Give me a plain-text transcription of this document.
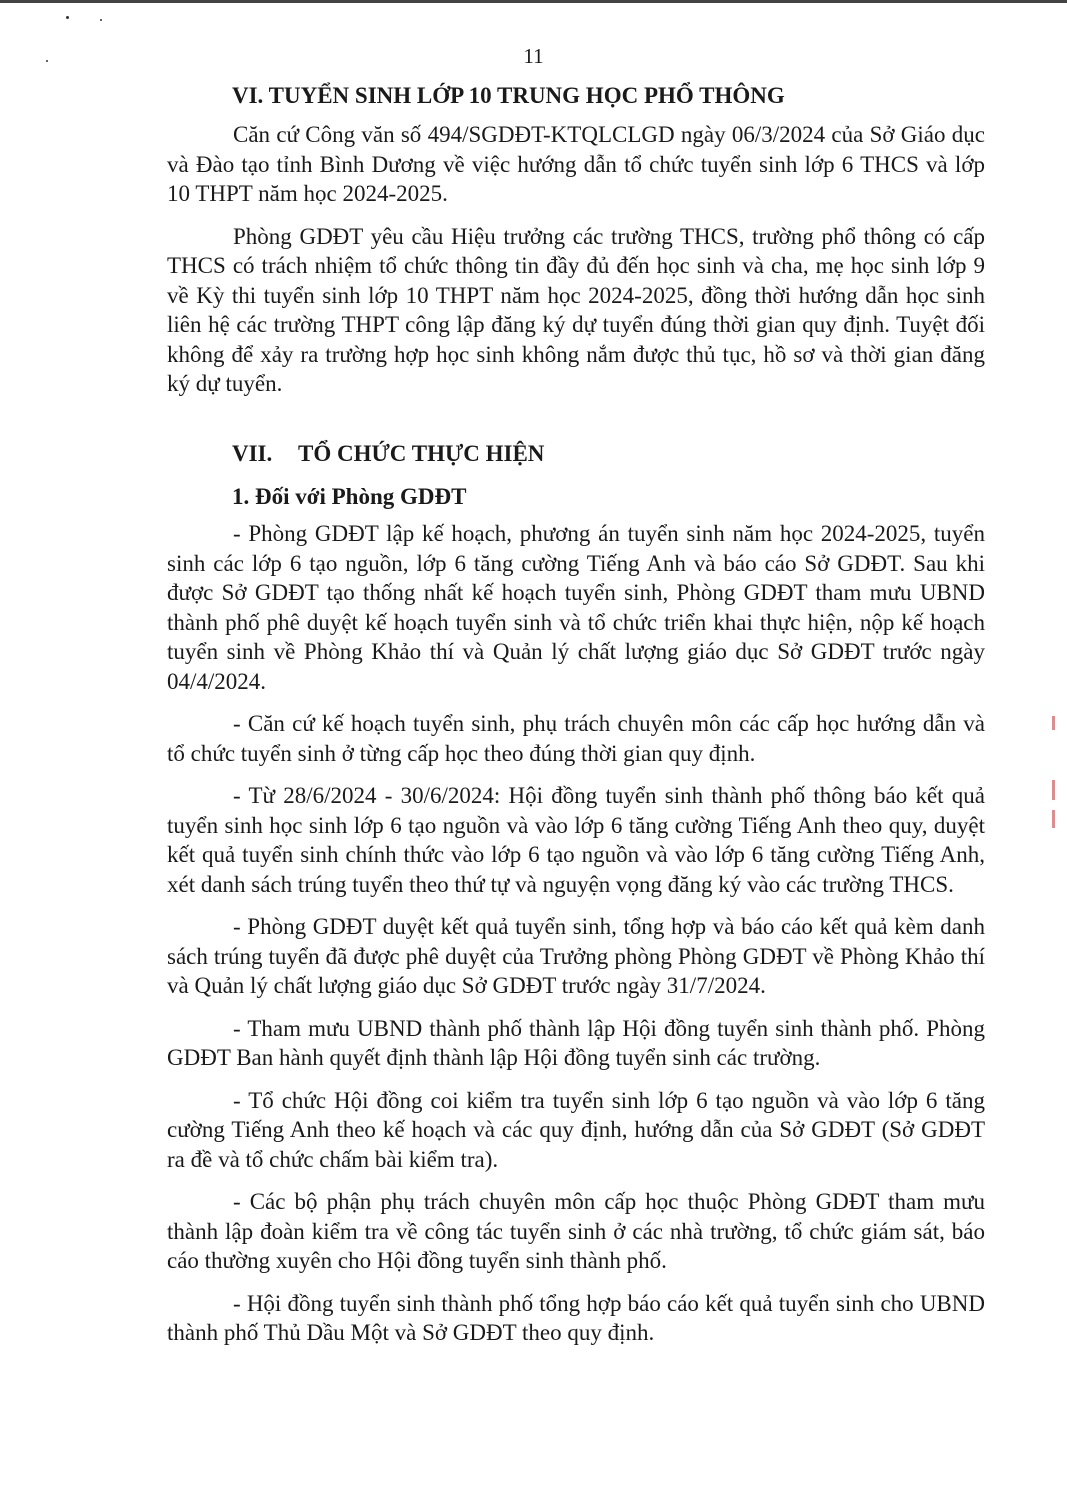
11
VI. TUYỂN SINH LỚP 10 TRUNG HỌC PHỔ THÔNG

Căn cứ Công văn số 494/SGDĐT-KTQLCLGD ngày 06/3/2024 của Sở Giáo dục và Đào tạo tỉnh Bình Dương về việc hướng dẫn tổ chức tuyển sinh lớp 6 THCS và lớp 10 THPT năm học 2024-2025.

Phòng GDĐT yêu cầu Hiệu trưởng các trường THCS, trường phổ thông có cấp THCS có trách nhiệm tổ chức thông tin đầy đủ đến học sinh và cha, mẹ học sinh lớp 9 về Kỳ thi tuyển sinh lớp 10 THPT năm học 2024-2025, đồng thời hướng dẫn học sinh liên hệ các trường THPT công lập đăng ký dự tuyển đúng thời gian quy định. Tuyệt đối không để xảy ra trường hợp học sinh không nắm được thủ tục, hồ sơ và thời gian đăng ký dự tuyển.

VII. TỔ CHỨC THỰC HIỆN
1. Đối với Phòng GDĐT

- Phòng GDĐT lập kế hoạch, phương án tuyển sinh năm học 2024-2025, tuyển sinh các lớp 6 tạo nguồn, lớp 6 tăng cường Tiếng Anh và báo cáo Sở GDĐT. Sau khi được Sở GDĐT tạo thống nhất kế hoạch tuyển sinh, Phòng GDĐT tham mưu UBND thành phố phê duyệt kế hoạch tuyển sinh và tổ chức triển khai thực hiện, nộp kế hoạch tuyển sinh về Phòng Khảo thí và Quản lý chất lượng giáo dục Sở GDĐT trước ngày 04/4/2024.

- Căn cứ kế hoạch tuyển sinh, phụ trách chuyên môn các cấp học hướng dẫn và tổ chức tuyển sinh ở từng cấp học theo đúng thời gian quy định.

- Từ 28/6/2024 - 30/6/2024: Hội đồng tuyển sinh thành phố thông báo kết quả tuyển sinh học sinh lớp 6 tạo nguồn và vào lớp 6 tăng cường Tiếng Anh theo quy, duyệt kết quả tuyển sinh chính thức vào lớp 6 tạo nguồn và vào lớp 6 tăng cường Tiếng Anh, xét danh sách trúng tuyển theo thứ tự và nguyện vọng đăng ký vào các trường THCS.

- Phòng GDĐT duyệt kết quả tuyển sinh, tổng hợp và báo cáo kết quả kèm danh sách trúng tuyển đã được phê duyệt của Trưởng phòng Phòng GDĐT về Phòng Khảo thí và Quản lý chất lượng giáo dục Sở GDĐT trước ngày 31/7/2024.

- Tham mưu UBND thành phố thành lập Hội đồng tuyển sinh thành phố. Phòng GDĐT Ban hành quyết định thành lập Hội đồng tuyển sinh các trường.

- Tổ chức Hội đồng coi kiểm tra tuyển sinh lớp 6 tạo nguồn và vào lớp 6 tăng cường Tiếng Anh theo kế hoạch và các quy định, hướng dẫn của Sở GDĐT (Sở GDĐT ra đề và tổ chức chấm bài kiểm tra).

- Các bộ phận phụ trách chuyên môn cấp học thuộc Phòng GDĐT tham mưu thành lập đoàn kiểm tra về công tác tuyển sinh ở các nhà trường, tổ chức giám sát, báo cáo thường xuyên cho Hội đồng tuyển sinh thành phố.

- Hội đồng tuyển sinh thành phố tổng hợp báo cáo kết quả tuyển sinh cho UBND thành phố Thủ Dầu Một và Sở GDĐT theo quy định.
